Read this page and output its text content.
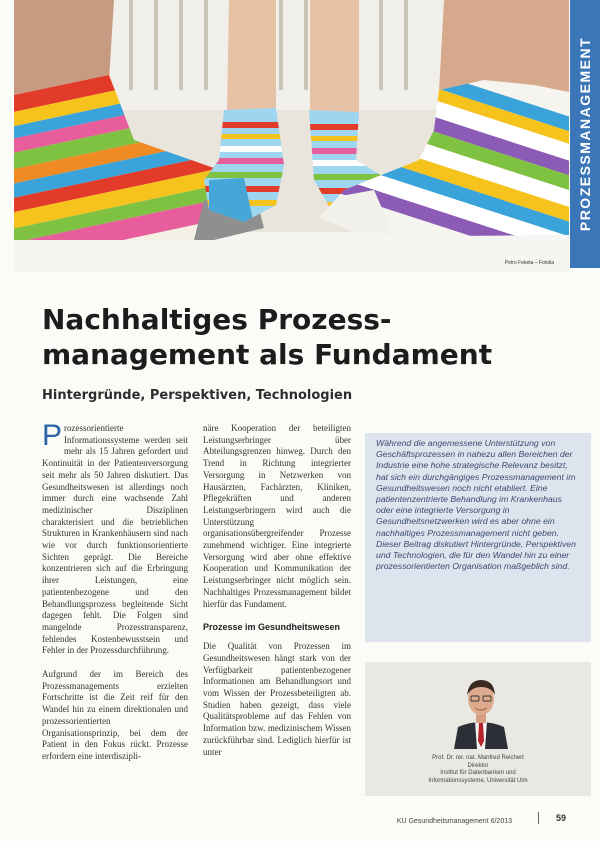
Petro Feketa – Fotolia
PROZESSMANAGEMENT
Nachhaltiges Prozess-
management als Fundament
Hintergründe, Perspektiven, Technologien

Prozessorientierte Informationssysteme werden seit mehr als 15 Jahren gefordert und Kontinuität in der Patientenversorgung seit mehr als 50 Jahren diskutiert. Das Gesundheitswesen ist allerdings noch immer durch eine wachsende Zahl medizinischer Disziplinen charakterisiert und die betrieblichen Strukturen in Krankenhäusern sind nach wie vor durch funktionsorientierte Sichten geprägt. Die Bereiche konzentrieren sich auf die Erbringung ihrer Leistungen, eine patientenbezogene und den Behandlungsprozess begleitende Sicht dagegen fehlt. Die Folgen sind mangelnde Prozesstransparenz, fehlendes Kostenbewusstsein und Fehler in der Prozessdurchführung.

Aufgrund der im Bereich des Prozessmanagements erzielten Fortschritte ist die Zeit reif für den Wandel hin zu einem direktionalen und prozessorientierten Organisationsprinzip, bei dem der Patient in den Fokus rückt. Prozesse erfordern eine interdiszipli-

näre Kooperation der beteiligten Leistungserbringer über Abteilungsgrenzen hinweg. Durch den Trend in Richtung integrierter Versorgung in Netzwerken von Hausärzten, Fachärzten, Kliniken, Pflegekräften und anderen Leistungserbringern wird auch die Unterstützung organisationsübergreifender Prozesse zunehmend wichtiger. Eine integrierte Versorgung wird aber ohne effektive Kooperation und Kommunikation der Leistungserbringer nicht möglich sein. Nachhaltiges Prozessmanagement bildet hierfür das Fundament.

Prozesse im Gesundheitswesen

Die Qualität von Prozessen im Gesundheitswesen hängt stark von der Verfügbarkeit patientenbezogener Informationen am Behandlungsort und vom Wissen der Prozessbeteiligten ab. Studien haben gezeigt, dass viele Qualitätsprobleme auf das Fehlen von Information bzw. medizinischem Wissen zurückführbar sind. Lediglich hierfür ist unter

Während die angemessene Unterstützung von Geschäftsprozessen in nahezu allen Bereichen der Industrie eine hohe strategische Relevanz besitzt, hat sich ein durchgängiges Prozessmanagement im Gesundheitswesen noch nicht etabliert. Eine patientenzentrierte Behandlung im Krankenhaus oder eine integrierte Versorgung in Gesundheitsnetzwerken wird es aber ohne ein nachhaltiges Prozessmanagement nicht geben. Dieser Beitrag diskutiert Hintergründe, Perspektiven und Technologien, die für den Wandel hin zu einer prozessorientierten Organisation maßgeblich sind.

Prof. Dr. rer. nat. Manfred Reichert
Direktor
Institut für Datenbanken und
Informationssysteme, Universität Ulm
KU Gesundheitsmanagement 6/2013	59
